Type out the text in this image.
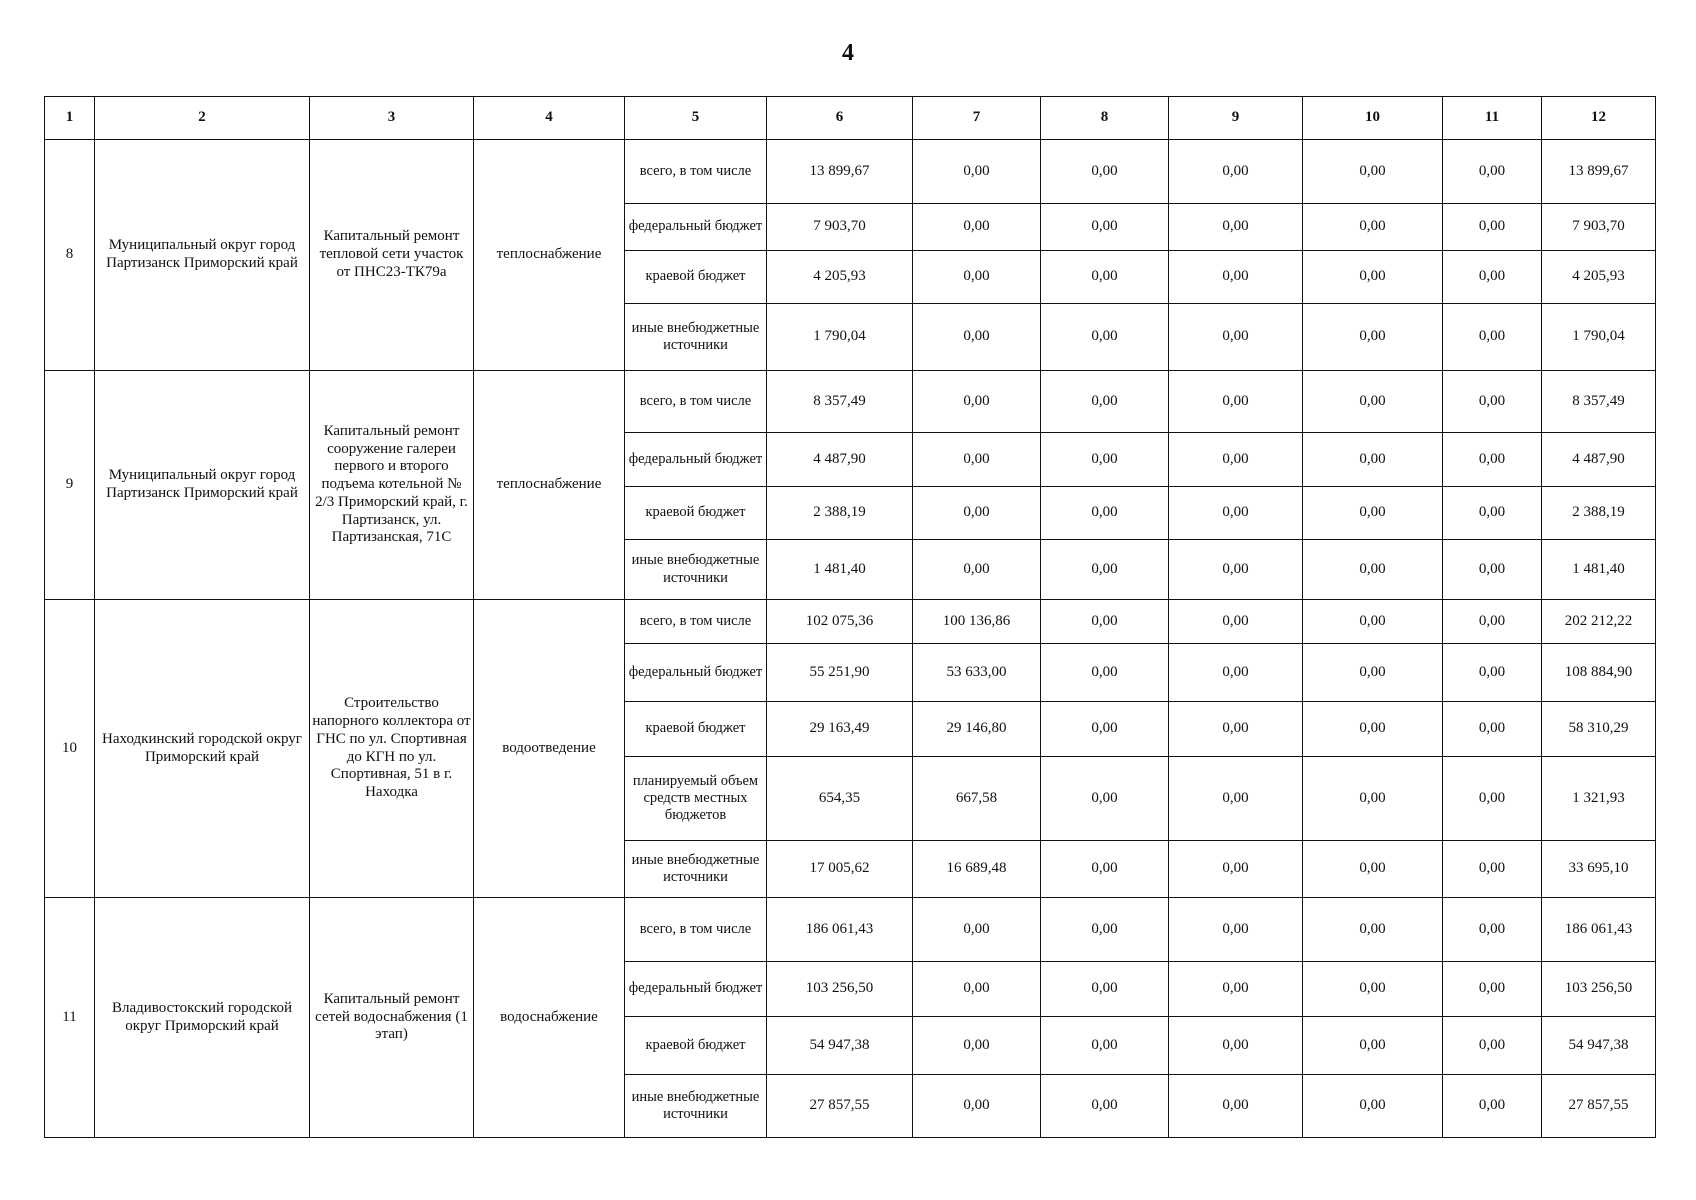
4
1	2	3	4	5	6	7	8	9	10	11	12
8	Муниципальный округ город Партизанск Приморский край	Капитальный ремонт тепловой сети участок от ПНС23-ТК79а	теплоснабжение	всего, в том числе	13 899,67	0,00	0,00	0,00	0,00	0,00	13 899,67
				федеральный бюджет	7 903,70	0,00	0,00	0,00	0,00	0,00	7 903,70
				краевой бюджет	4 205,93	0,00	0,00	0,00	0,00	0,00	4 205,93
				иные внебюджетные источники	1 790,04	0,00	0,00	0,00	0,00	0,00	1 790,04
9	Муниципальный округ город Партизанск Приморский край	Капитальный ремонт сооружение галереи первого и второго подъема котельной № 2/3 Приморский край, г. Партизанск, ул. Партизанская, 71С	теплоснабжение	всего, в том числе	8 357,49	0,00	0,00	0,00	0,00	0,00	8 357,49
				федеральный бюджет	4 487,90	0,00	0,00	0,00	0,00	0,00	4 487,90
				краевой бюджет	2 388,19	0,00	0,00	0,00	0,00	0,00	2 388,19
				иные внебюджетные источники	1 481,40	0,00	0,00	0,00	0,00	0,00	1 481,40
10	Находкинский городской округ Приморский край	Строительство напорного коллектора от ГНС по ул. Спортивная до КГН по ул. Спортивная, 51 в г. Находка	водоотведение	всего, в том числе	102 075,36	100 136,86	0,00	0,00	0,00	0,00	202 212,22
				федеральный бюджет	55 251,90	53 633,00	0,00	0,00	0,00	0,00	108 884,90
				краевой бюджет	29 163,49	29 146,80	0,00	0,00	0,00	0,00	58 310,29
				планируемый объем средств местных бюджетов	654,35	667,58	0,00	0,00	0,00	0,00	1 321,93
				иные внебюджетные источники	17 005,62	16 689,48	0,00	0,00	0,00	0,00	33 695,10
11	Владивостокский городской округ Приморский край	Капитальный ремонт сетей водоснабжения (1 этап)	водоснабжение	всего, в том числе	186 061,43	0,00	0,00	0,00	0,00	0,00	186 061,43
				федеральный бюджет	103 256,50	0,00	0,00	0,00	0,00	0,00	103 256,50
				краевой бюджет	54 947,38	0,00	0,00	0,00	0,00	0,00	54 947,38
				иные внебюджетные источники	27 857,55	0,00	0,00	0,00	0,00	0,00	27 857,55
